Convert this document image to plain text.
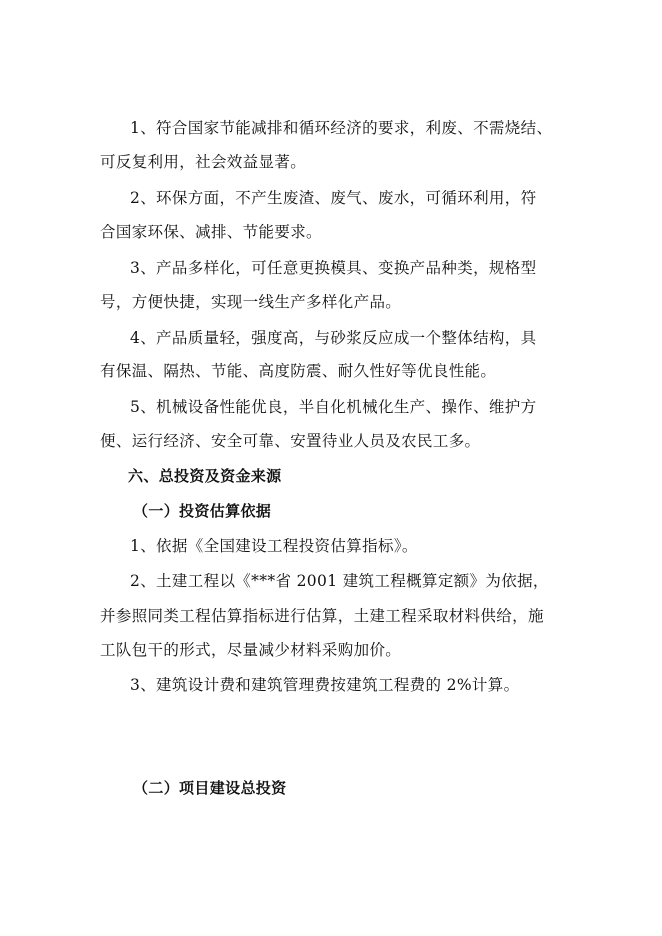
1、符合国家节能减排和循环经济的要求，利废、不需烧结、
可反复利用，社会效益显著。
2、环保方面，不产生废渣、废气、废水，可循环利用，符
合国家环保、减排、节能要求。
3、产品多样化，可任意更换模具、变换产品种类，规格型
号，方便快捷，实现一线生产多样化产品。
4、产品质量轻，强度高，与砂浆反应成一个整体结构，具
有保温、隔热、节能、高度防震、耐久性好等优良性能。
5、机械设备性能优良，半自化机械化生产、操作、维护方
便、运行经济、安全可靠、安置待业人员及农民工多。
六、总投资及资金来源
（一）投资估算依据
1、依据《全国建设工程投资估算指标》。
2、土建工程以《***省 2001 建筑工程概算定额》为依据，
并参照同类工程估算指标进行估算，土建工程采取材料供给，施
工队包干的形式，尽量减少材料采购加价。
3、建筑设计费和建筑管理费按建筑工程费的 2%计算。
（二）项目建设总投资
